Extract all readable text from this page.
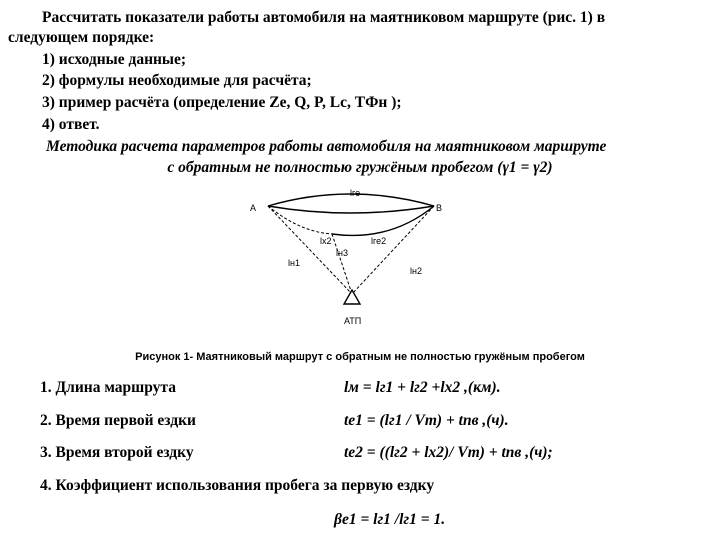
Рассчитать показатели работы автомобиля на маятниковом маршруте (рис. 1) в
следующем порядке:
1) исходные данные;
2) формулы необходимые для расчёта;
3) пример расчёта (определение Zе, Q, P, Lс, TФн );
4) ответ.
Методика расчета параметров работы автомобиля на маятниковом маршруте
с обратным не полностью гружёным пробегом (γ1 = γ2)
А	В
lге
lх2	lге2
lн3
lн1
lн2
АТП
Рисунок 1- Маятниковый маршрут с обратным не полностью гружёным пробегом
1. Длина маршрута	lм = lг1 + lг2 +lх2 ,(км).
2. Время первой ездки	tе1 = (lг1 / Vт) + tпв ,(ч).
3. Время второй ездку	tе2 = ((lг2 + lх2)/ Vт) + tпв ,(ч);
4. Коэффициент использования пробега за первую ездку
βе1 = lг1 /lг1 = 1.
